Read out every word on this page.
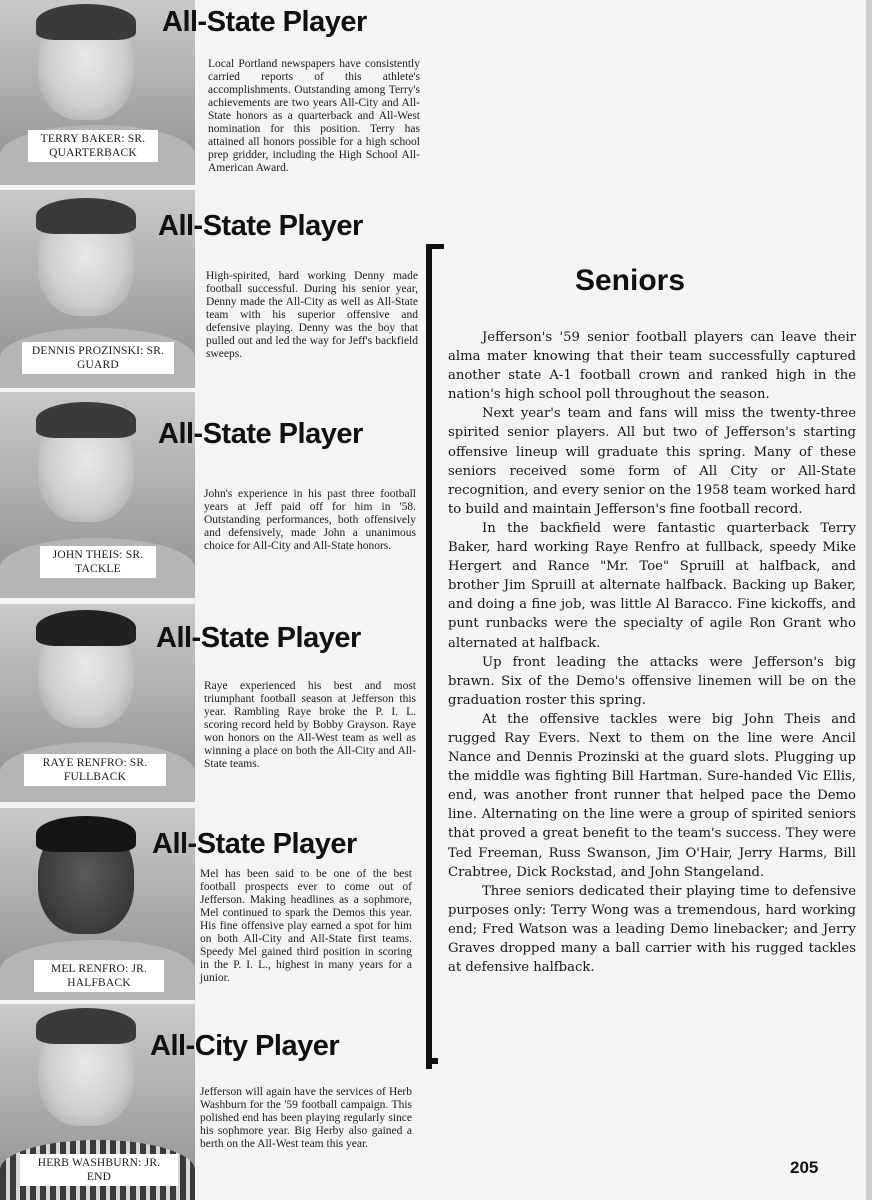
TERRY BAKER: SR.
QUARTERBACK
All-State Player

Local Portland newspapers have consistently carried reports of this athlete's accomplishments. Outstanding among Terry's achievements are two years All-City and All-State honors as a quarterback and All-West nomination for this position. Terry has attained all honors possible for a high school prep gridder, including the High School All-American Award.

DENNIS PROZINSKI: SR.
GUARD
All-State Player

High-spirited, hard working Denny made football successful. During his senior year, Denny made the All-City as well as All-State team with his superior offensive and defensive playing. Denny was the boy that pulled out and led the way for Jeff's backfield sweeps.

JOHN THEIS: SR.
TACKLE
All-State Player

John's experience in his past three football years at Jeff paid off for him in '58. Outstanding performances, both offensively and defensively, made John a unanimous choice for All-City and All-State honors.

RAYE RENFRO: SR.
FULLBACK
All-State Player

Raye experienced his best and most triumphant football season at Jefferson this year. Rambling Raye broke the P. I. L. scoring record held by Bobby Grayson. Raye won honors on the All-West team as well as winning a place on both the All-City and All-State teams.

MEL RENFRO: JR.
HALFBACK
All-State Player

Mel has been said to be one of the best football prospects ever to come out of Jefferson. Making headlines as a sophmore, Mel continued to spark the Demos this year. His fine offensive play earned a spot for him on both All-City and All-State first teams. Speedy Mel gained third position in scoring in the P. I. L., highest in many years for a junior.

HERB WASHBURN: JR.
END
All-City Player

Jefferson will again have the services of Herb Washburn for the '59 football campaign. This polished end has been playing regularly since his sophmore year. Big Herby also gained a berth on the All-West team this year.

Seniors

Jefferson's '59 senior football players can leave their alma mater knowing that their team successfully captured another state A-1 football crown and ranked high in the nation's high school poll throughout the season.

Next year's team and fans will miss the twenty-three spirited senior players. All but two of Jefferson's starting offensive lineup will graduate this spring. Many of these seniors received some form of All City or All-State recognition, and every senior on the 1958 team worked hard to build and maintain Jefferson's fine football record.

In the backfield were fantastic quarterback Terry Baker, hard working Raye Renfro at fullback, speedy Mike Hergert and Rance "Mr. Toe" Spruill at halfback, and brother Jim Spruill at alternate halfback. Backing up Baker, and doing a fine job, was little Al Baracco. Fine kickoffs, and punt runbacks were the specialty of agile Ron Grant who alternated at halfback.

Up front leading the attacks were Jefferson's big brawn. Six of the Demo's offensive linemen will be on the graduation roster this spring.

At the offensive tackles were big John Theis and rugged Ray Evers. Next to them on the line were Ancil Nance and Dennis Prozinski at the guard slots. Plugging up the middle was fighting Bill Hartman. Sure-handed Vic Ellis, end, was another front runner that helped pace the Demo line. Alternating on the line were a group of spirited seniors that proved a great benefit to the team's success. They were Ted Freeman, Russ Swanson, Jim O'Hair, Jerry Harms, Bill Crabtree, Dick Rockstad, and John Stangeland.

Three seniors dedicated their playing time to defensive purposes only: Terry Wong was a tremendous, hard working end; Fred Watson was a leading Demo linebacker; and Jerry Graves dropped many a ball carrier with his rugged tackles at defensive halfback.

205
